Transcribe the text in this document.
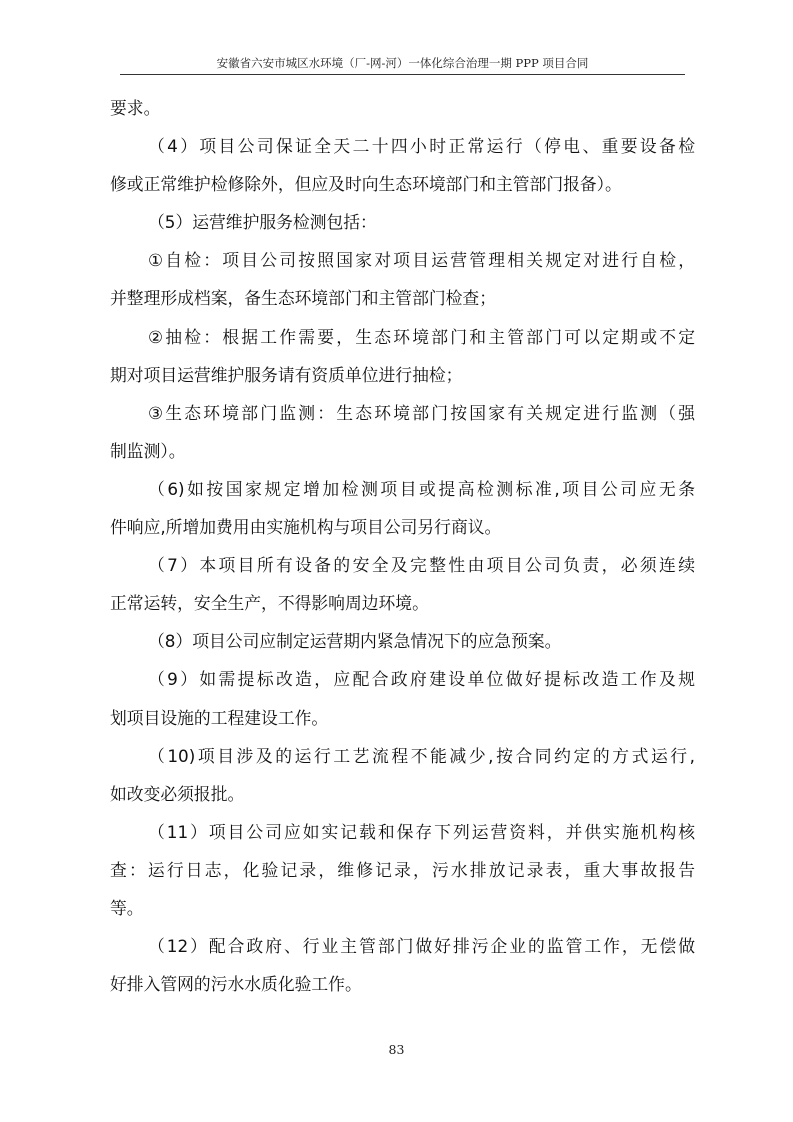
安徽省六安市城区水环境（厂-网-河）一体化综合治理一期 PPP 项目合同
要求。
（4）项目公司保证全天二十四小时正常运行（停电、重要设备检
修或正常维护检修除外，但应及时向生态环境部门和主管部门报备）。
（5）运营维护服务检测包括：
①自检：项目公司按照国家对项目运营管理相关规定对进行自检，
并整理形成档案，备生态环境部门和主管部门检查；
②抽检：根据工作需要，生态环境部门和主管部门可以定期或不定
期对项目运营维护服务请有资质单位进行抽检；
③生态环境部门监测：生态环境部门按国家有关规定进行监测（强
制监测）。
（6)如按国家规定增加检测项目或提高检测标准,项目公司应无条
件响应,所增加费用由实施机构与项目公司另行商议。
（7）本项目所有设备的安全及完整性由项目公司负责，必须连续
正常运转，安全生产，不得影响周边环境。
（8）项目公司应制定运营期内紧急情况下的应急预案。
（9）如需提标改造，应配合政府建设单位做好提标改造工作及规
划项目设施的工程建设工作。
（10)项目涉及的运行工艺流程不能减少,按合同约定的方式运行,
如改变必须报批。
（11）项目公司应如实记载和保存下列运营资料，并供实施机构核
查：运行日志，化验记录，维修记录，污水排放记录表，重大事故报告
等。
（12）配合政府、行业主管部门做好排污企业的监管工作，无偿做
好排入管网的污水水质化验工作。
83
